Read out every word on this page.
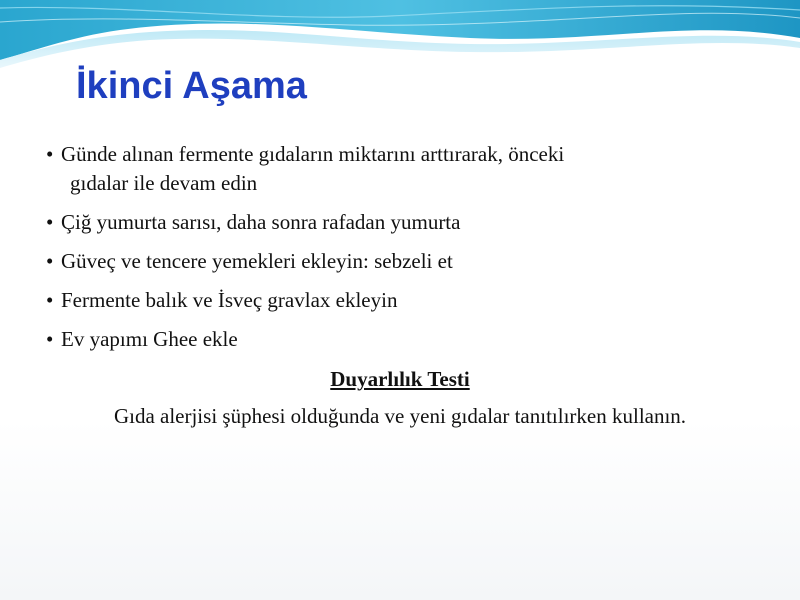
İkinci Aşama
• Günde alınan fermente gıdaların miktarını arttırarak, önceki
gıdalar ile devam edin
• Çiğ yumurta sarısı, daha sonra rafadan yumurta
• Güveç ve tencere yemekleri ekleyin: sebzeli et
• Fermente balık ve İsveç gravlax ekleyin
• Ev yapımı Ghee ekle

Duyarlılık Testi

Gıda alerjisi şüphesi olduğunda ve yeni gıdalar tanıtılırken kullanın.
